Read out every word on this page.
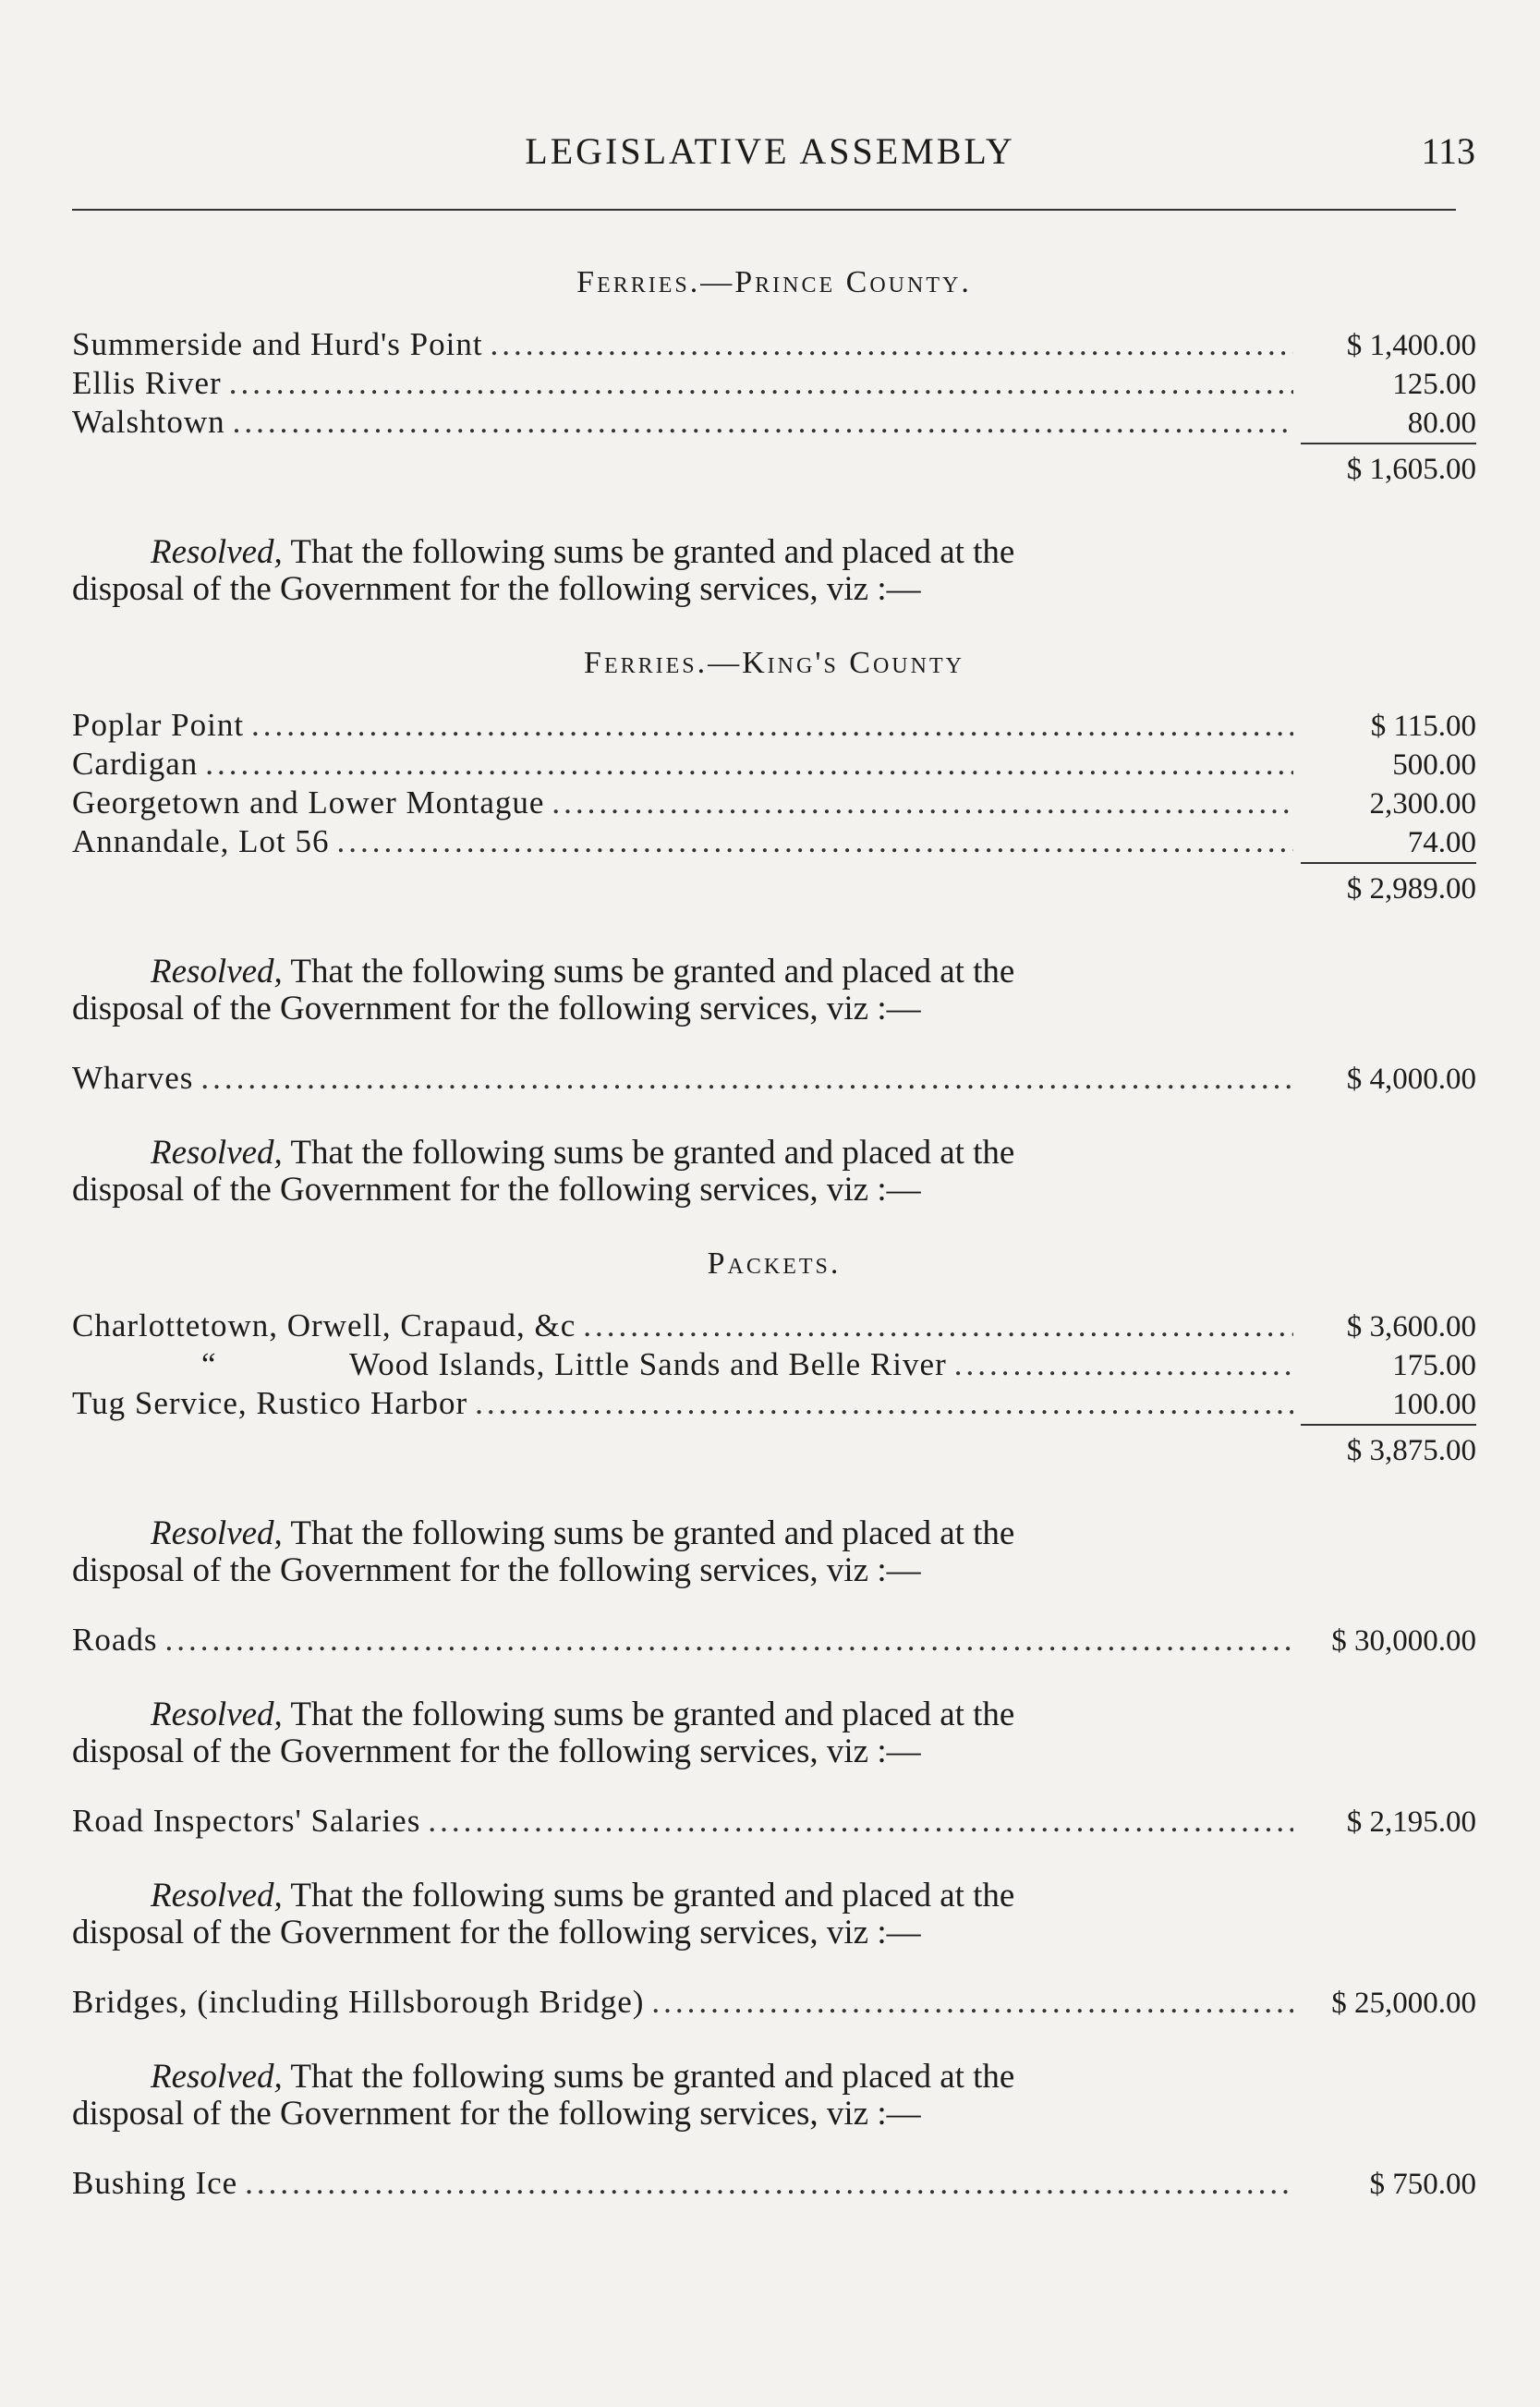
LEGISLATIVE ASSEMBLY	113
Ferries.—Prince County.
Summerside and Hurd's Point .....	$ 1,400.00
Ellis River .....	125.00
Walshtown .....	80.00
$ 1,605.00

Resolved, That the following sums be granted and placed at the

disposal of the Government for the following services, viz :—

Ferries.—King's County
Poplar Point .....	$ 115.00
Cardigan .....	500.00
Georgetown and Lower Montague .....	2,300.00
Annandale, Lot 56 .....	74.00
$ 2,989.00

Resolved, That the following sums be granted and placed at the

disposal of the Government for the following services, viz :—

Wharves .....	$ 4,000.00

Resolved, That the following sums be granted and placed at the

disposal of the Government for the following services, viz :—

Packets.
Charlottetown, Orwell, Crapaud, &c .....	$ 3,600.00
“	Wood Islands, Little Sands and Belle River .....	175.00
Tug Service, Rustico Harbor .....	100.00
$ 3,875.00

Resolved, That the following sums be granted and placed at the

disposal of the Government for the following services, viz :—

Roads .....	$ 30,000.00

Resolved, That the following sums be granted and placed at the

disposal of the Government for the following services, viz :—

Road Inspectors' Salaries .....	$ 2,195.00

Resolved, That the following sums be granted and placed at the

disposal of the Government for the following services, viz :—

Bridges, (including Hillsborough Bridge) .....	$ 25,000.00

Resolved, That the following sums be granted and placed at the

disposal of the Government for the following services, viz :—

Bushing Ice .....	$ 750.00
